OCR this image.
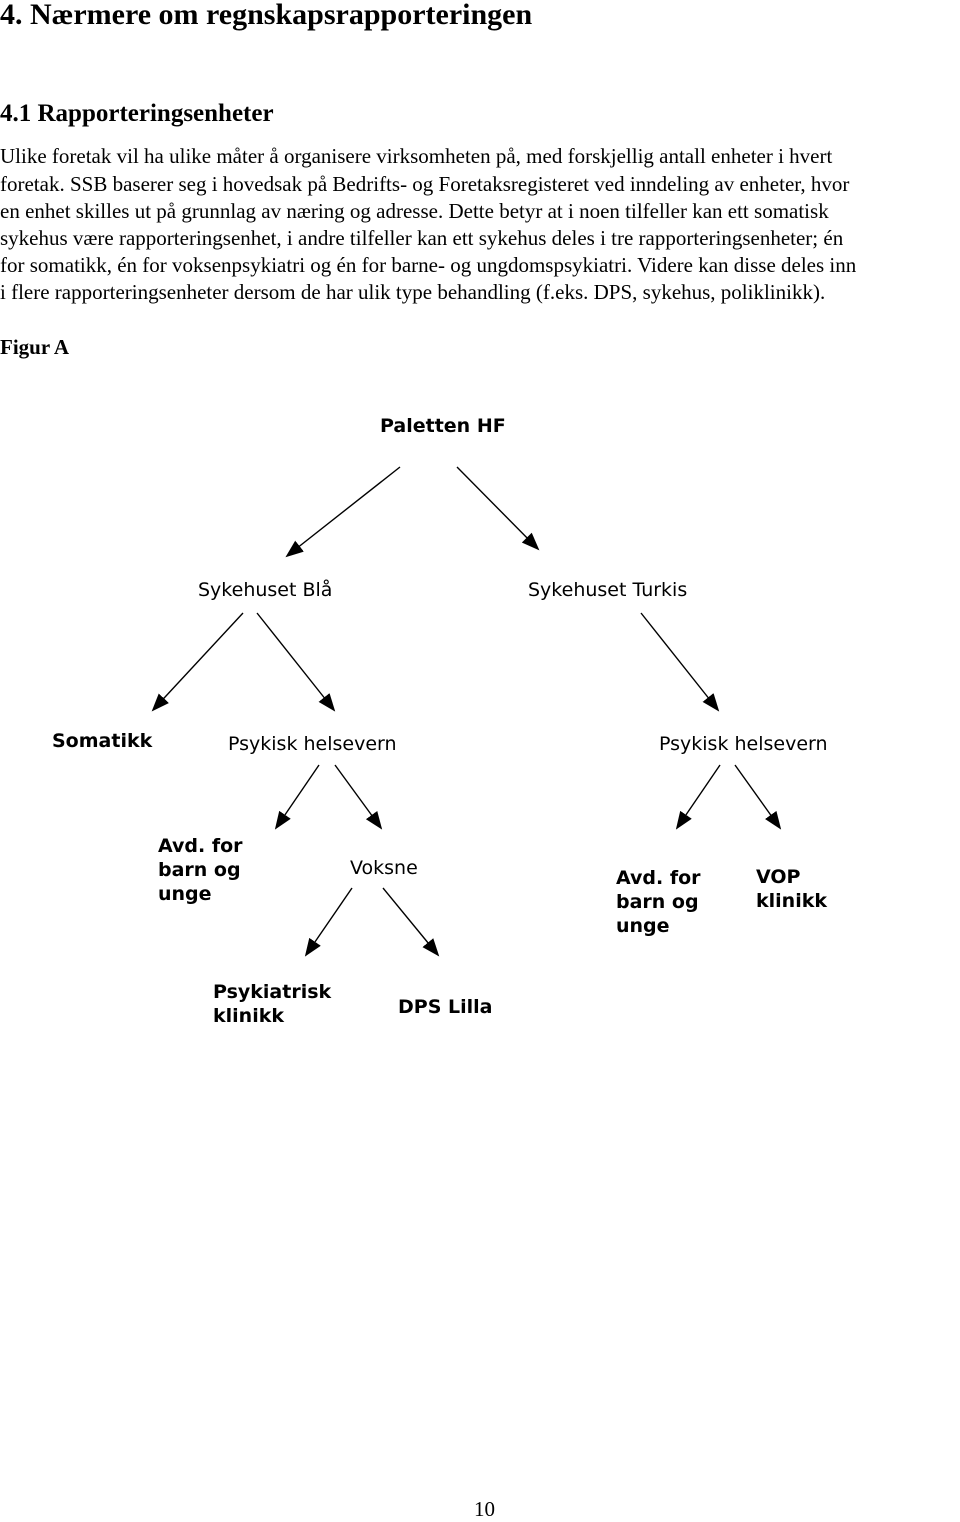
4. Nærmere om regnskapsrapporteringen
4.1 Rapporteringsenheter
Ulike foretak vil ha ulike måter å organisere virksomheten på, med forskjellig antall enheter i hvert
foretak. SSB baserer seg i hovedsak på Bedrifts- og Foretaksregisteret ved inndeling av enheter, hvor
en enhet skilles ut på grunnlag av næring og adresse. Dette betyr at i noen tilfeller kan ett somatisk
sykehus være rapporteringsenhet, i andre tilfeller kan ett sykehus deles i tre rapporteringsenheter; én
for somatikk, én for voksenpsykiatri og én for barne- og ungdomspsykiatri. Videre kan disse deles inn
i flere rapporteringsenheter dersom de har ulik type behandling (f.eks. DPS, sykehus, poliklinikk).
Figur A
Paletten HF
Sykehuset Blå	Sykehuset Turkis
Somatikk	Psykisk helsevern	Psykisk helsevern
Avd. for
barn og
unge
Voksne	Avd. for
barn og
unge
VOP
klinikk
Psykiatrisk
klinikk	DPS Lilla
10
